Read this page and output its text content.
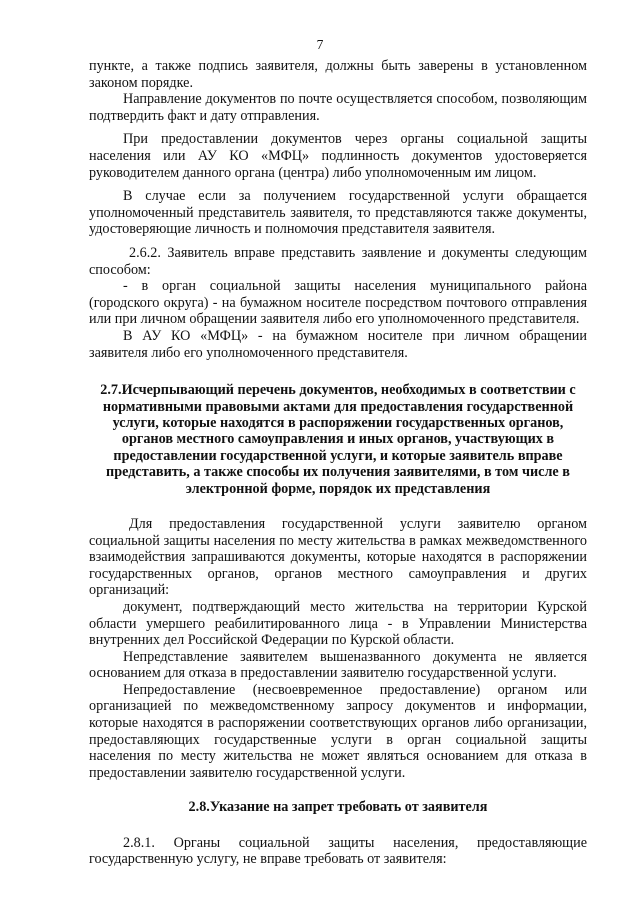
7

пункте, а также подпись заявителя, должны быть заверены в установленном законом порядке.

Направление документов по почте осуществляется способом, позволяющим подтвердить факт и дату отправления.

При предоставлении документов через органы социальной защиты населения или АУ КО «МФЦ» подлинность документов удостоверяется руководителем данного органа (центра) либо уполномоченным им лицом.

В случае если за получением государственной услуги обращается уполномоченный представитель заявителя, то представляются также документы, удостоверяющие личность и полномочия представителя заявителя.

2.6.2. Заявитель вправе представить заявление и документы следующим способом:

- в орган социальной защиты населения муниципального района (городского округа) - на бумажном носителе посредством почтового отправления или при личном обращении заявителя либо его уполномоченного представителя.

В АУ КО «МФЦ» - на бумажном носителе при личном обращении заявителя либо его уполномоченного представителя.

2.7.Исчерпывающий перечень документов, необходимых в соответствии с нормативными правовыми актами для предоставления государственной услуги, которые находятся в распоряжении государственных органов, органов местного самоуправления и иных органов, участвующих в предоставлении государственной услуги, и которые заявитель вправе представить, а также способы их получения заявителями, в том числе в электронной форме, порядок их представления

Для предоставления государственной услуги заявителю органом социальной защиты населения по месту жительства в рамках межведомственного взаимодействия запрашиваются документы, которые находятся в распоряжении государственных органов, органов местного самоуправления и других организаций:

документ, подтверждающий место жительства на территории Курской области умершего реабилитированного лица - в Управлении Министерства внутренних дел Российской Федерации по Курской области.

Непредставление заявителем вышеназванного документа не является основанием для отказа в предоставлении заявителю государственной услуги.

Непредоставление (несвоевременное предоставление) органом или организацией по межведомственному запросу документов и информации, которые находятся в распоряжении соответствующих органов либо организации, предоставляющих государственные услуги в орган социальной защиты населения по месту жительства не может являться основанием для отказа в предоставлении заявителю государственной услуги.

2.8.Указание на запрет требовать от заявителя

2.8.1. Органы социальной защиты населения, предоставляющие государственную услугу, не вправе требовать от заявителя:
